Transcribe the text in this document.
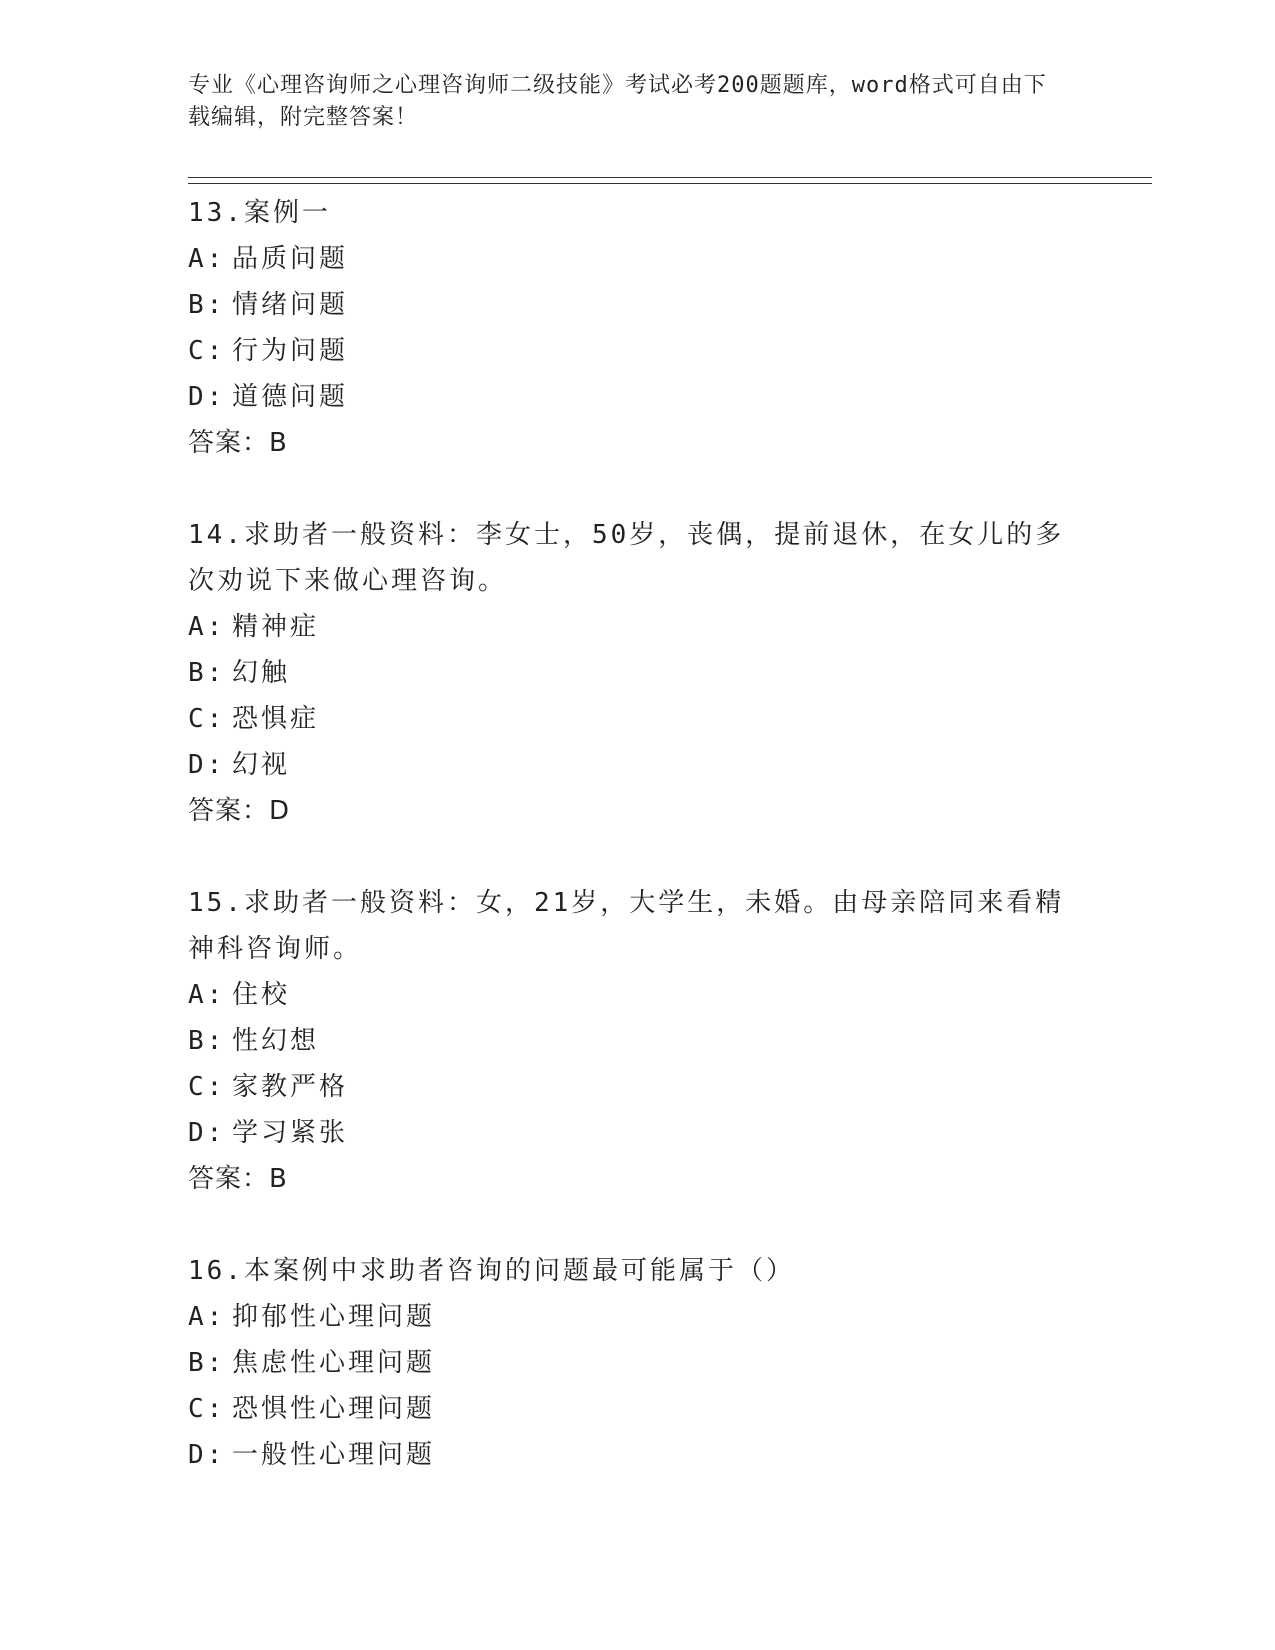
专业《心理咨询师之心理咨询师二级技能》考试必考200题题库，word格式可自由下载编辑，附完整答案！

13.案例一

A: 品质问题

B: 情绪问题

C: 行为问题

D: 道德问题

答案：B

14.求助者一般资料：李女士，50岁，丧偶，提前退休，在女儿的多次劝说下来做心理咨询。

A: 精神症

B: 幻触

C: 恐惧症

D: 幻视

答案：D

15.求助者一般资料：女，21岁，大学生，未婚。由母亲陪同来看精神科咨询师。

A: 住校

B: 性幻想

C: 家教严格

D: 学习紧张

答案：B

16.本案例中求助者咨询的问题最可能属于（）

A: 抑郁性心理问题

B: 焦虑性心理问题

C: 恐惧性心理问题

D: 一般性心理问题
